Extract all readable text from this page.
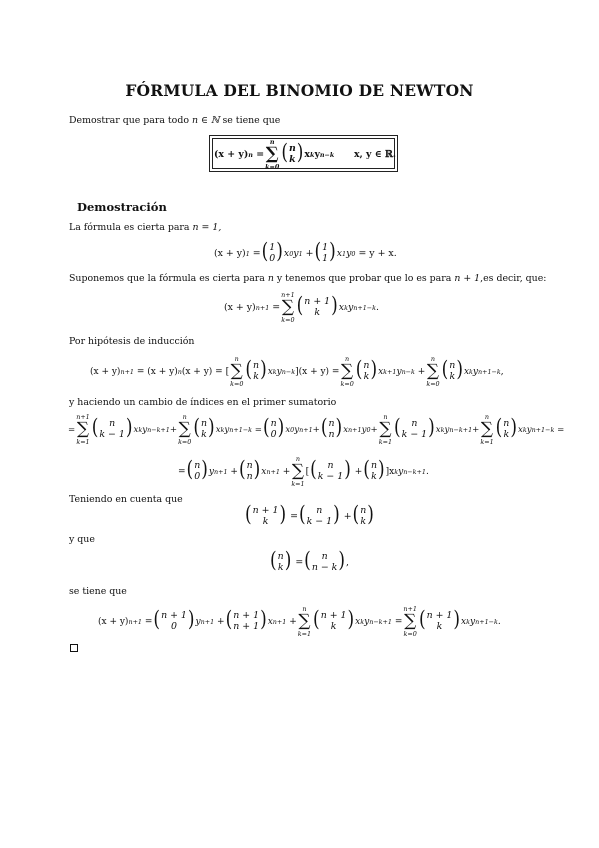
FÓRMULA DEL BINOMIO DE NEWTON
Demostrar que para todo n ∈ ℕ se tiene que
(x + y) n
=
n
∑
k=0
( n
k ) x k y n−k
x, y ∈ ℝ.
Demostración
La fórmula es cierta para n = 1,
(x + y) 1 = ( 1
0 ) x 0 y 1
+ ( 1
1 ) x 1 y 0
= y + x.
Suponemos que la fórmula es cierta para n y tenemos que probar que lo es para n + 1,es decir, que:
(x + y) n+1 =
n+1
∑
k=0
( n + 1
k ) x k y n+1−k .
Por hipótesis de inducción
(x + y) n+1
= (x + y) n (x + y) = [
n
∑
k=0
( n
k ) x k y n−k ](x + y) =
n
∑
k=0
( n
k ) x k+1 y n−k
+
n
∑
k=0
( n
k ) x k y n+1−k ,
y haciendo un cambio de índices en el primer sumatorio
=
n+1
∑
k=1
( n
k − 1 ) x k y n−k+1 +
n
∑
k=0
( n
k ) x k y n+1−k
= ( n
0 ) x 0 y n+1 + ( n
n ) x n+1 y 0 +
n
∑
k=1
( n
k − 1 ) x k y n−k+1 +
n
∑
k=1
( n
k ) x k y n+1−k
=
= ( n
0 ) y n+1
+ ( n
n ) x n+1
+
n
∑
k=1
[ ( n
k − 1 )
+ ( n
k ) ]x k y n−k+1 .
Teniendo en cuenta que
( n + 1
k )
= ( n
k − 1 )
+ ( n
k )
y que
( n
k )
= ( n
n − k ) ,
se tiene que
(x + y) n+1
= ( n + 1
0 ) y n+1
+ ( n + 1
n + 1 ) x n+1
+
n
∑
k=1
( n + 1
k ) x k y n−k+1
=
n+1
∑
k=0
( n + 1
k ) x k y n+1−k .
